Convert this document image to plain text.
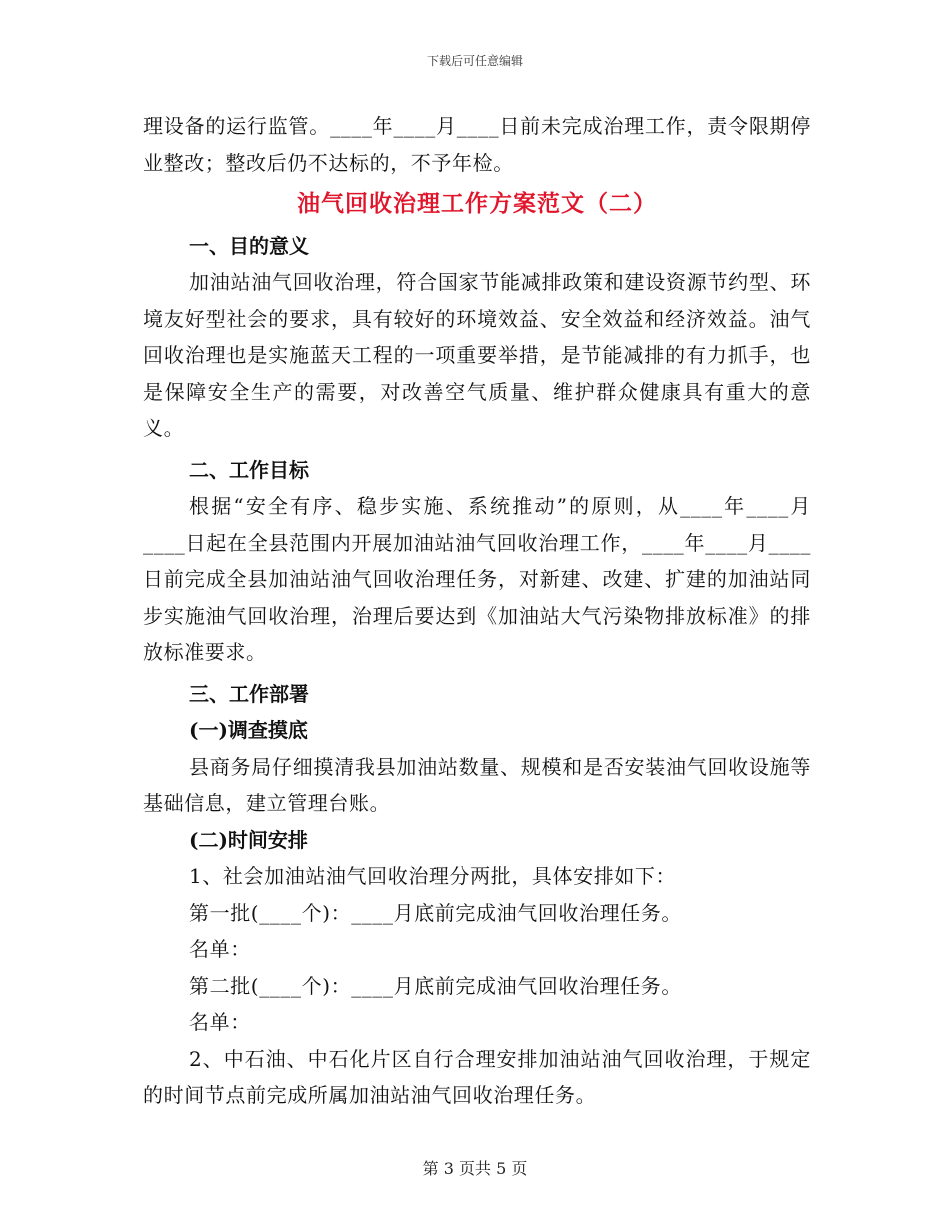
下载后可任意编辑

理设备的运行监管。____年____月____日前未完成治理工作，责令限期停业整改；整改后仍不达标的，不予年检。

油气回收治理工作方案范文（二）

一、目的意义

加油站油气回收治理，符合国家节能减排政策和建设资源节约型、环境友好型社会的要求，具有较好的环境效益、安全效益和经济效益。油气回收治理也是实施蓝天工程的一项重要举措，是节能减排的有力抓手，也是保障安全生产的需要，对改善空气质量、维护群众健康具有重大的意义。

二、工作目标

根据“安全有序、稳步实施、系统推动”的原则，从____年____月____日起在全县范围内开展加油站油气回收治理工作，____年____月____日前完成全县加油站油气回收治理任务，对新建、改建、扩建的加油站同步实施油气回收治理，治理后要达到《加油站大气污染物排放标准》的排放标准要求。

三、工作部署

(一)调查摸底

县商务局仔细摸清我县加油站数量、规模和是否安装油气回收设施等基础信息，建立管理台账。

(二)时间安排

1、社会加油站油气回收治理分两批，具体安排如下：

第一批(____个)：____月底前完成油气回收治理任务。

名单：

第二批(____个)：____月底前完成油气回收治理任务。

名单：

2、中石油、中石化片区自行合理安排加油站油气回收治理，于规定的时间节点前完成所属加油站油气回收治理任务。

第 3 页共 5 页
